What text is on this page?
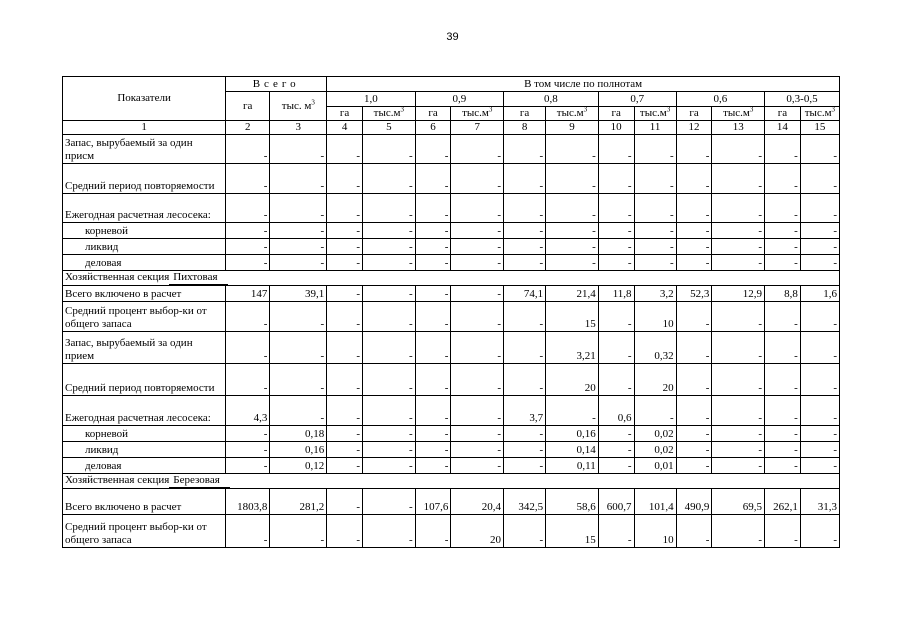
39
Показатели	Всего		В том числе по полнотам											
	га	тыс. $м^3$	1,0		0,9		0,8		0,7		0,6		0,3-0,5	
			га	$тыс.м^3$	га	$тыс.м^3$	га	$тыс.м^3$	га	$тыс.м^3$	га	$тыс.м^3$	га	$тыс.м^3$
1	2	3	4	5	6	7	8	9	10	11	12	13	14	15
Запас, вырубаемый за один присм	-	-	-	-	-	-	-	-	-	-	-	-	-	-
Средний период повторяемости	-	-	-	-	-	-	-	-	-	-	-	-	-	-
Ежегодная расчетная лесосека:	-	-	-	-	-	-	-	-	-	-	-	-	-	-
корневой	-	-	-	-	-	-	-	-	-	-	-	-	-	-
ликвид	-	-	-	-	-	-	-	-	-	-	-	-	-	-
деловая	-	-	-	-	-	-	-	-	-	-	-	-	-	-
Хозяйственная секция Пихтовая														
Всего включено в расчет	147	39,1	-	-	-	-	74,1	21,4	11,8	3,2	52,3	12,9	8,8	1,6
Средний процент выбор-ки от общего запаса	-	-	-	-	-	-	-	15	-	10	-	-	-	-
Запас, вырубаемый за один прием	-	-	-	-	-	-	-	3,21	-	0,32	-	-	-	-
Средний период повторяемости	-	-	-	-	-	-	-	20	-	20	-	-	-	-
Ежегодная расчетная лесосека:	4,3	-	-	-	-	-	3,7	-	0,6	-	-	-	-	-
корневой	-	0,18	-	-	-	-	-	0,16	-	0,02	-	-	-	-
ликвид	-	0,16	-	-	-	-	-	0,14	-	0,02	-	-	-	-
деловая	-	0,12	-	-	-	-	-	0,11	-	0,01	-	-	-	-
Хозяйственная секция Березовая														
Всего включено в расчет	1803,8	281,2	-	-	107,6	20,4	342,5	58,6	600,7	101,4	490,9	69,5	262,1	31,3
Средний процент выбор-ки от общего запаса	-	-	-	-	-	20	-	15	-	10	-	-	-	-
